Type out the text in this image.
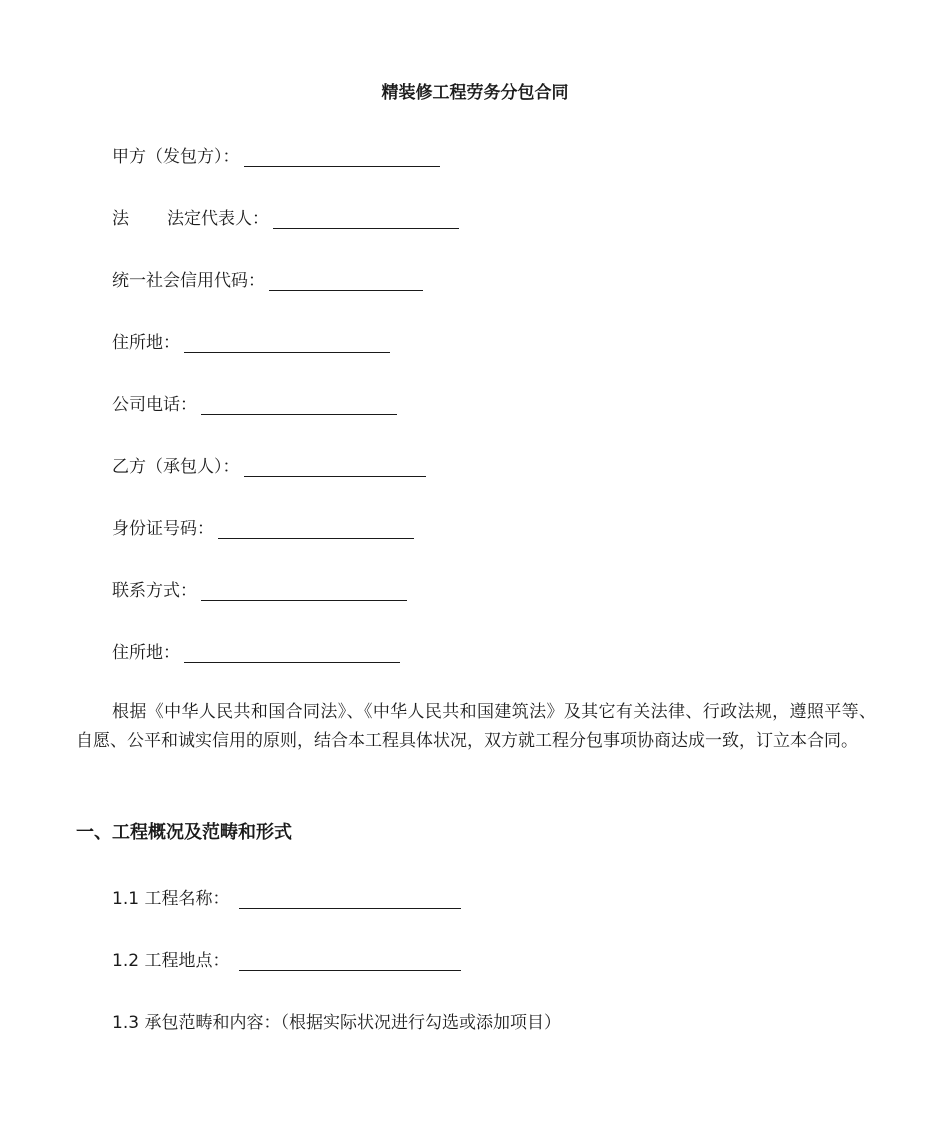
精装修工程劳务分包合同
甲方（发包方）：
法 法定代表人：
统一社会信用代码：
住所地：
公司电话：
乙方（承包人）：
身份证号码：
联系方式：
住所地：
根据《中华人民共和国合同法》、《中华人民共和国建筑法》及其它有关法律、行政法规，遵照平等、自愿、公平和诚实信用的原则，结合本工程具体状况，双方就工程分包事项协商达成一致，订立本合同。
一、工程概况及范畴和形式
1.1 工程名称：
1.2 工程地点：
1.3 承包范畴和内容：（根据实际状况进行勾选或添加项目）
